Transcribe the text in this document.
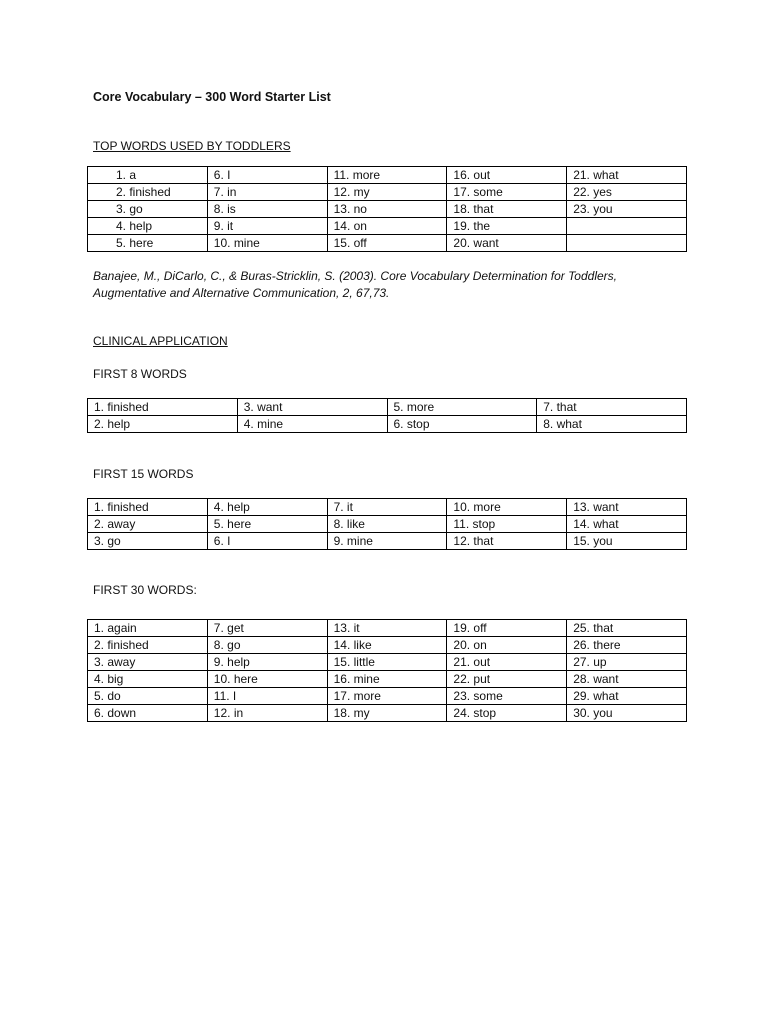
Core Vocabulary – 300 Word Starter List
TOP WORDS USED BY TODDLERS
1. a	6. I	11. more	16. out	21. what
2. finished	7. in	12. my	17. some	22. yes
3. go	8. is	13. no	18. that	23. you
4. help	9. it	14. on	19. the	
5. here	10. mine	15. off	20. want	
Banajee, M., DiCarlo, C., & Buras-Stricklin, S. (2003). Core Vocabulary Determination for Toddlers, Augmentative and Alternative Communication, 2, 67,73.
CLINICAL APPLICATION
FIRST 8 WORDS
1. finished	3. want	5. more	7. that
2. help	4. mine	6. stop	8. what
FIRST 15 WORDS
1. finished	4. help	7. it	10. more	13. want
2. away	5. here	8. like	11. stop	14. what
3. go	6. I	9. mine	12. that	15. you
FIRST 30 WORDS:
1. again	7. get	13. it	19. off	25. that
2. finished	8. go	14. like	20. on	26. there
3. away	9. help	15. little	21. out	27. up
4. big	10. here	16. mine	22. put	28. want
5. do	11. I	17. more	23. some	29. what
6. down	12. in	18. my	24. stop	30. you
